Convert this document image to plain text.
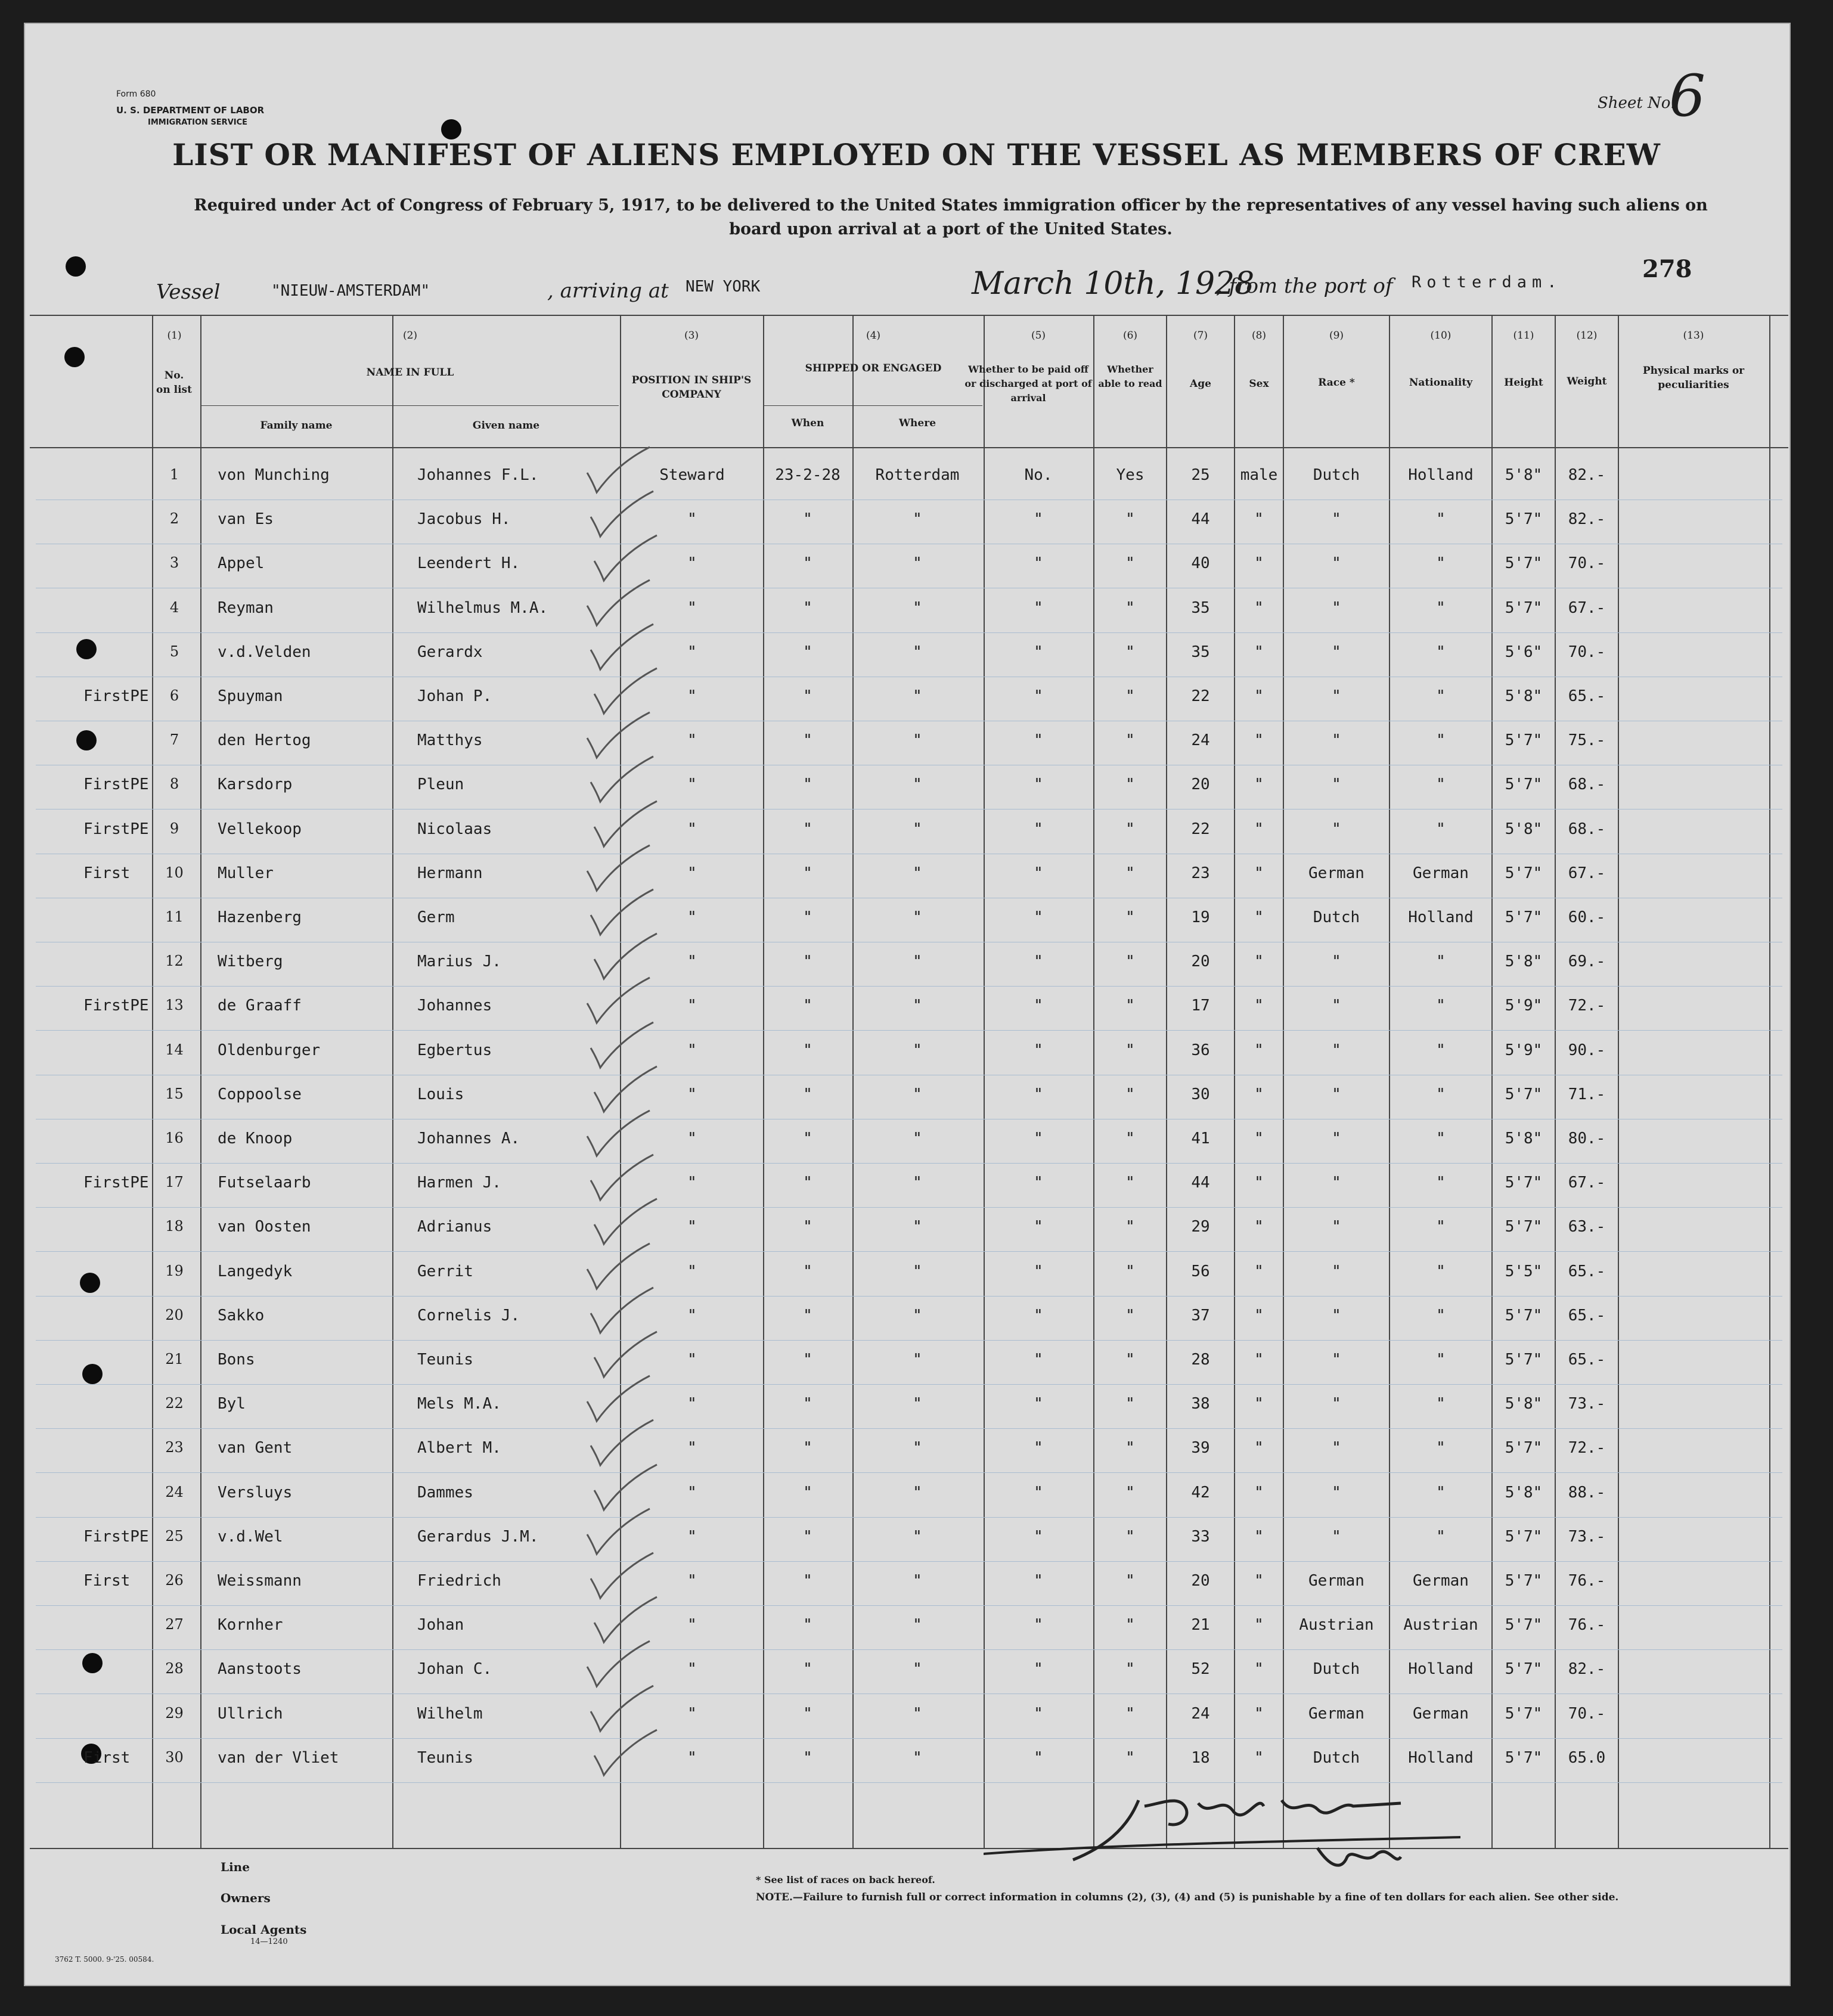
Form 680
U. S. DEPARTMENT OF LABOR
IMMIGRATION SERVICE
Sheet No.
6
LIST OR MANIFEST OF ALIENS EMPLOYED ON THE VESSEL AS MEMBERS OF CREW
Required under Act of Congress of February 5, 1917, to be delivered to the United States immigration officer by the representatives of any vessel having such aliens on board upon arrival at a port of the United States.
Vessel	"NIEUW-AMSTERDAM"	, arriving at NEW YORK	March 10th, 1928
, from the port of Rotterdam.	278
(1)
No. on list
(2)
NAME IN FULL
Family name	Given name
(3)
POSITION IN SHIP'S COMPANY
(4)
SHIPPED OR ENGAGED
When	Where
(5)
Whether to be paid off or discharged at port of arrival
(6)
Whether able to read
(7)
Age
(8)
Sex
(9)
Race *
(10)
Nationality
(11)
Height
(12)
Weight
(13)
Physical marks or peculiarities
1	von Munching	Johannes F.L.	Steward	23-2-28	Rotterdam	No.	Yes	25	male	Dutch	Holland	5'8"	82.-
2	van Es	Jacobus H.	"	"	"	"	"	44	"	"	"	5'7"	82.-
3	Appel	Leendert H.	"	"	"	"	"	40	"	"	"	5'7"	70.-
4	Reyman	Wilhelmus M.A.	"	"	"	"	"	35	"	"	"	5'7"	67.-
5	v.d.Velden	Gerardx	"	"	"	"	"	35	"	"	"	5'6"	70.-
FirstPE	6	Spuyman	Johan P.	"	"	"	"	"	22	"	"	"	5'8"	65.-
7	den Hertog	Matthys	"	"	"	"	"	24	"	"	"	5'7"	75.-
FirstPE	8	Karsdorp	Pleun	"	"	"	"	"	20	"	"	"	5'7"	68.-
FirstPE	9	Vellekoop	Nicolaas	"	"	"	"	"	22	"	"	"	5'8"	68.-
First	10	Muller	Hermann	"	"	"	"	"	23	"	German	German	5'7"	67.-
11	Hazenberg	Germ	"	"	"	"	"	19	"	Dutch	Holland	5'7"	60.-
12	Witberg	Marius J.	"	"	"	"	"	20	"	"	"	5'8"	69.-
FirstPE	13	de Graaff	Johannes	"	"	"	"	"	17	"	"	"	5'9"	72.-
14	Oldenburger	Egbertus	"	"	"	"	"	36	"	"	"	5'9"	90.-
15	Coppoolse	Louis	"	"	"	"	"	30	"	"	"	5'7"	71.-
16	de Knoop	Johannes A.	"	"	"	"	"	41	"	"	"	5'8"	80.-
FirstPE	17	Futselaarb	Harmen J.	"	"	"	"	"	44	"	"	"	5'7"	67.-
18	van Oosten	Adrianus	"	"	"	"	"	29	"	"	"	5'7"	63.-
19	Langedyk	Gerrit	"	"	"	"	"	56	"	"	"	5'5"	65.-
20	Sakko	Cornelis J.	"	"	"	"	"	37	"	"	"	5'7"	65.-
21	Bons	Teunis	"	"	"	"	"	28	"	"	"	5'7"	65.-
22	Byl	Mels M.A.	"	"	"	"	"	38	"	"	"	5'8"	73.-
23	van Gent	Albert M.	"	"	"	"	"	39	"	"	"	5'7"	72.-
24	Versluys	Dammes	"	"	"	"	"	42	"	"	"	5'8"	88.-
FirstPE	25	v.d.Wel	Gerardus J.M.	"	"	"	"	"	33	"	"	"	5'7"	73.-
First	26	Weissmann	Friedrich	"	"	"	"	"	20	"	German	German	5'7"	76.-
27	Kornher	Johan	"	"	"	"	"	21	"	Austrian	Austrian	5'7"	76.-
28	Aanstoots	Johan C.	"	"	"	"	"	52	"	Dutch	Holland	5'7"	82.-
29	Ullrich	Wilhelm	"	"	"	"	"	24	"	German	German	5'7"	70.-
First	30	van der Vliet	Teunis	"	"	"	"	"	18	"	Dutch	Holland	5'7"	65.0
Line
Owners
Local Agents
14—1240
* See list of races on back hereof.
NOTE.—Failure to furnish full or correct information in columns (2), (3), (4) and (5) is punishable by a fine of ten dollars for each alien. See other side.
3762 T. 5000. 9-'25. 00584.
